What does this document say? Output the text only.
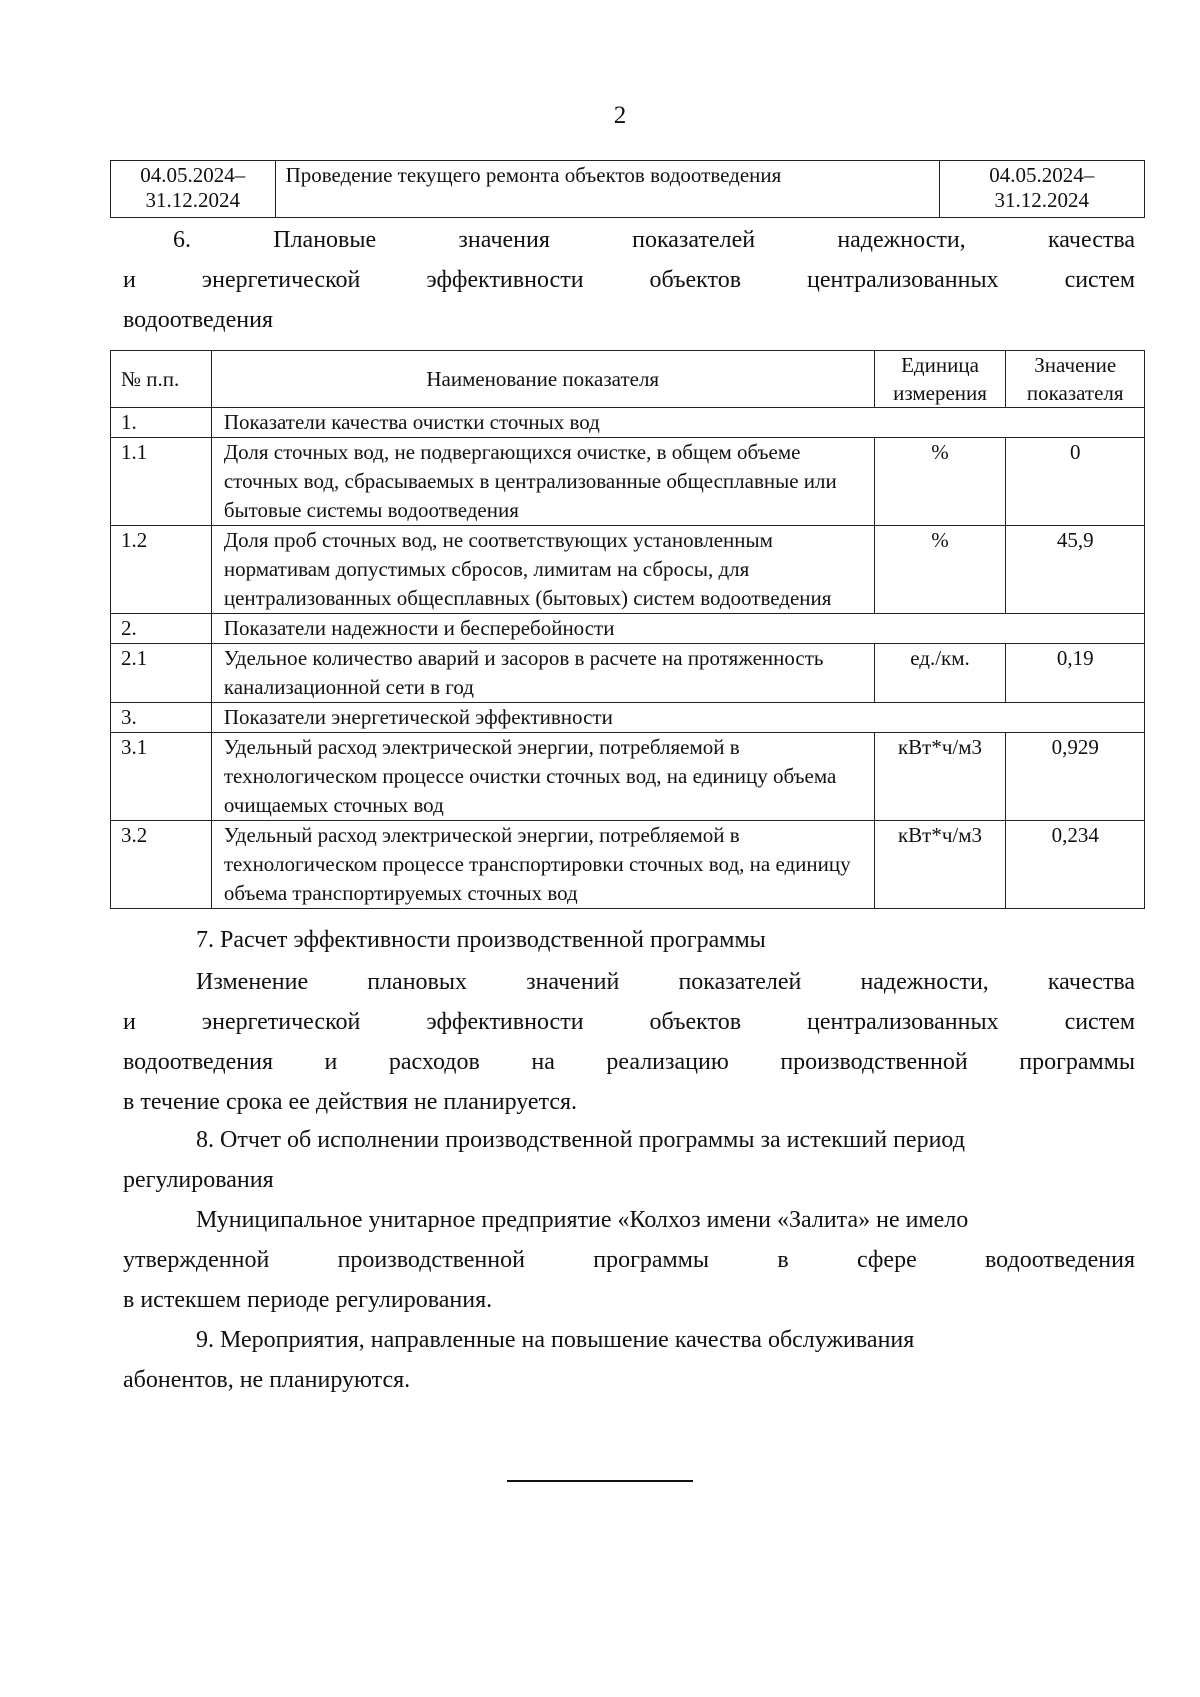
2
04.05.2024– 31.12.2024	Проведение текущего ремонта объектов водоотведения	04.05.2024– 31.12.2024
6.	Плановые	значения	показателей	надежности,	качества
и	энергетической	эффективности	объектов	централизованных	систем
водоотведения
№ п.п.	Наименование показателя	Единица измерения	Значение показателя
1.	Показатели качества очистки сточных вод		
1.1	Доля сточных вод, не подвергающихся очистке, в общем объеме сточных вод, сбрасываемых в централизованные общесплавные или бытовые системы водоотведения	%	0
1.2	Доля проб сточных вод, не соответствующих установленным нормативам допустимых сбросов, лимитам на сбросы, для централизованных общесплавных (бытовых) систем водоотведения	%	45,9
2.	Показатели надежности и бесперебойности		
2.1	Удельное количество аварий и засоров в расчете на протяженность канализационной сети в год	ед./км.	0,19
3.	Показатели энергетической эффективности		
3.1	Удельный расход электрической энергии, потребляемой в технологическом процессе очистки сточных вод, на единицу объема очищаемых сточных вод	кВт*ч/м3	0,929
3.2	Удельный расход электрической энергии, потребляемой в технологическом процессе транспортировки сточных вод, на единицу объема транспортируемых сточных вод	кВт*ч/м3	0,234
7. Расчет эффективности производственной программы
Изменение плановых значений показателей надежности, качества
и	энергетической	эффективности	объектов	централизованных	систем
водоотведения и расходов на реализацию производственной программы
в течение срока ее действия не планируется.
8. Отчет об исполнении производственной программы за истекший период
регулирования
Муниципальное унитарное предприятие «Колхоз имени «Залита» не имело
утвержденной	производственной	программы	в	сфере	водоотведения
в истекшем периоде регулирования.
9. Мероприятия, направленные на повышение качества обслуживания
абонентов, не планируются.
